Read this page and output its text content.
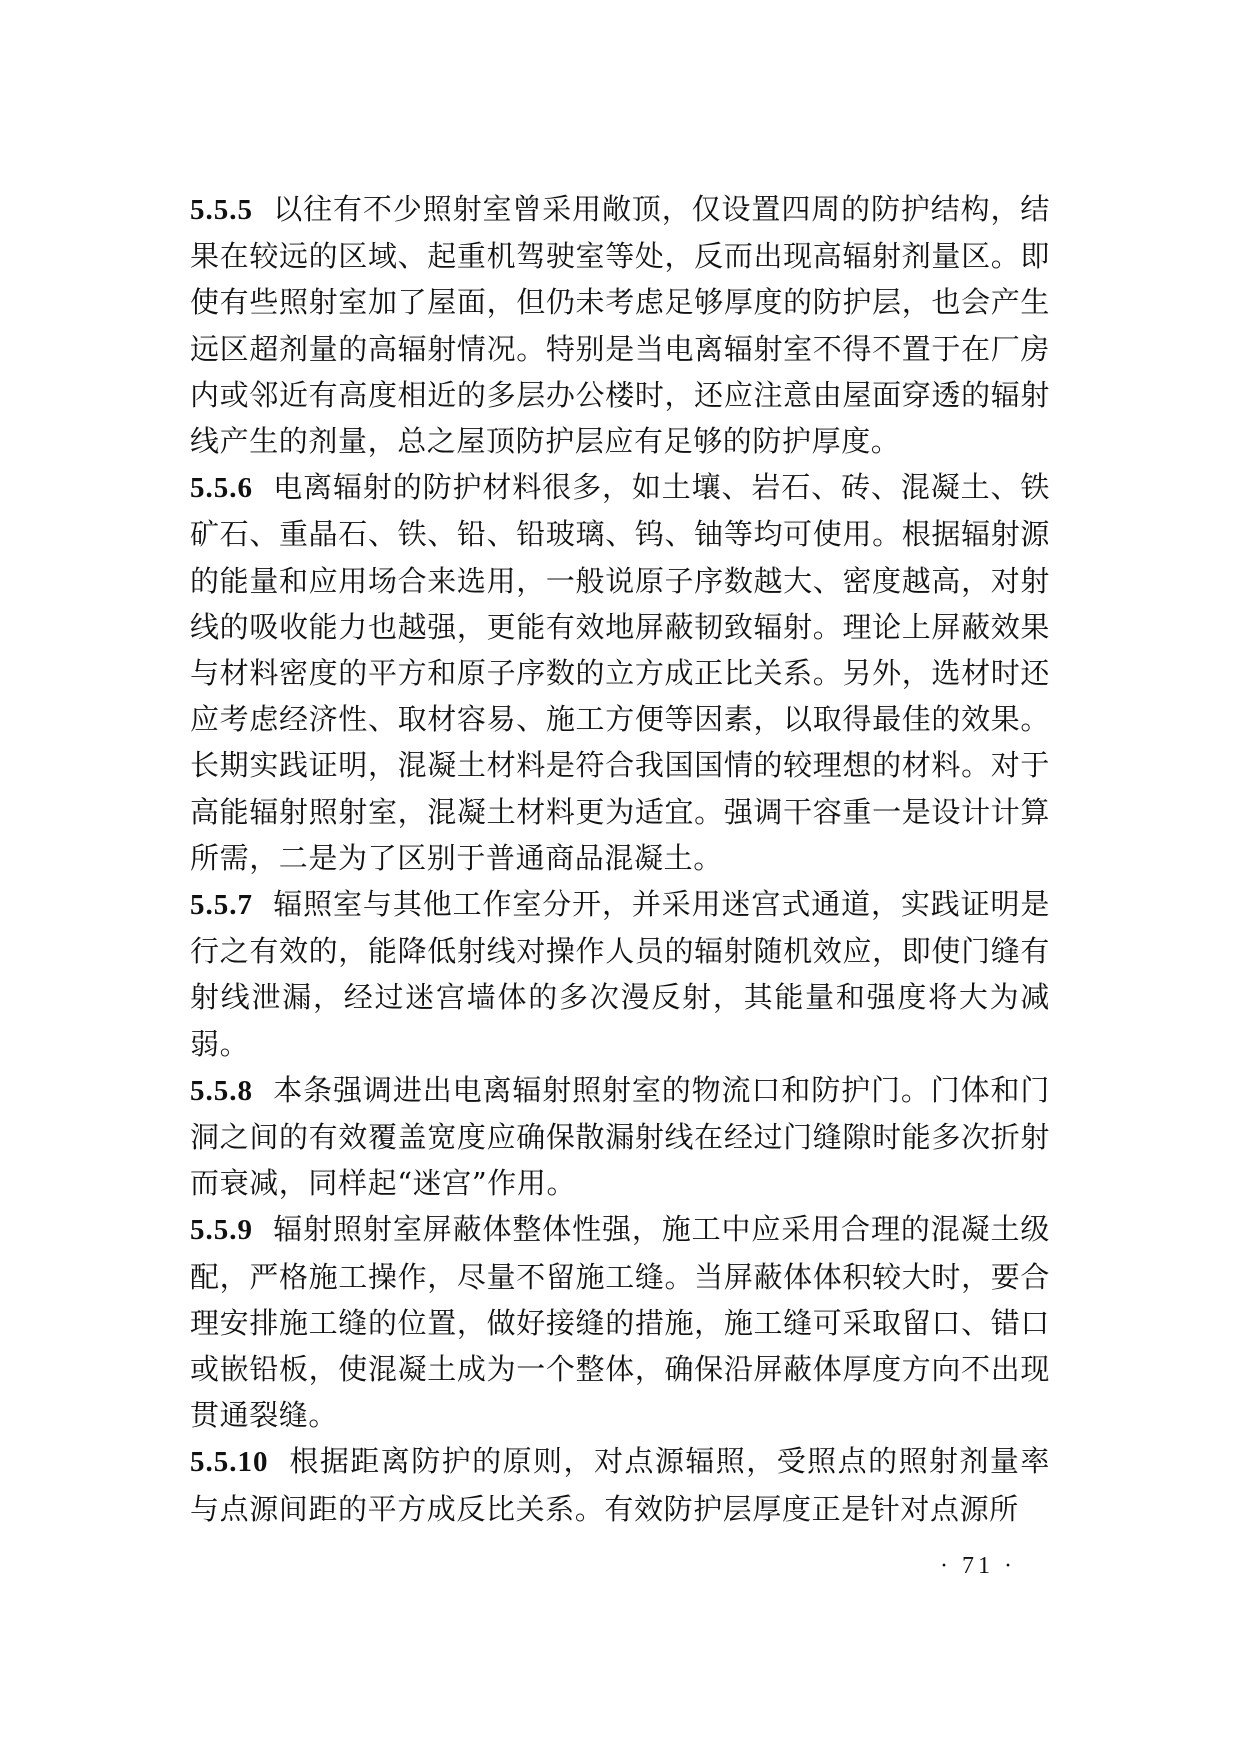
5.5.5 以往有不少照射室曾采用敞顶，仅设置四周的防护结构，结果在较远的区域、起重机驾驶室等处，反而出现高辐射剂量区。即使有些照射室加了屋面，但仍未考虑足够厚度的防护层，也会产生远区超剂量的高辐射情况。特别是当电离辐射室不得不置于在厂房内或邻近有高度相近的多层办公楼时，还应注意由屋面穿透的辐射线产生的剂量，总之屋顶防护层应有足够的防护厚度。

5.5.6 电离辐射的防护材料很多，如土壤、岩石、砖、混凝土、铁矿石、重晶石、铁、铅、铅玻璃、钨、铀等均可使用。根据辐射源的能量和应用场合来选用，一般说原子序数越大、密度越高，对射线的吸收能力也越强，更能有效地屏蔽韧致辐射。理论上屏蔽效果与材料密度的平方和原子序数的立方成正比关系。另外，选材时还应考虑经济性、取材容易、施工方便等因素，以取得最佳的效果。长期实践证明，混凝土材料是符合我国国情的较理想的材料。对于高能辐射照射室，混凝土材料更为适宜。强调干容重一是设计计算所需，二是为了区别于普通商品混凝土。

5.5.7 辐照室与其他工作室分开，并采用迷宫式通道，实践证明是行之有效的，能降低射线对操作人员的辐射随机效应，即使门缝有射线泄漏，经过迷宫墙体的多次漫反射，其能量和强度将大为减弱。

5.5.8 本条强调进出电离辐射照射室的物流口和防护门。门体和门洞之间的有效覆盖宽度应确保散漏射线在经过门缝隙时能多次折射而衰减，同样起“迷宫”作用。

5.5.9 辐射照射室屏蔽体整体性强，施工中应采用合理的混凝土级配，严格施工操作，尽量不留施工缝。当屏蔽体体积较大时，要合理安排施工缝的位置，做好接缝的措施，施工缝可采取留口、错口或嵌铅板，使混凝土成为一个整体，确保沿屏蔽体厚度方向不出现贯通裂缝。

5.5.10 根据距离防护的原则，对点源辐照，受照点的照射剂量率与点源间距的平方成反比关系。有效防护层厚度正是针对点源所

· 71 ·
